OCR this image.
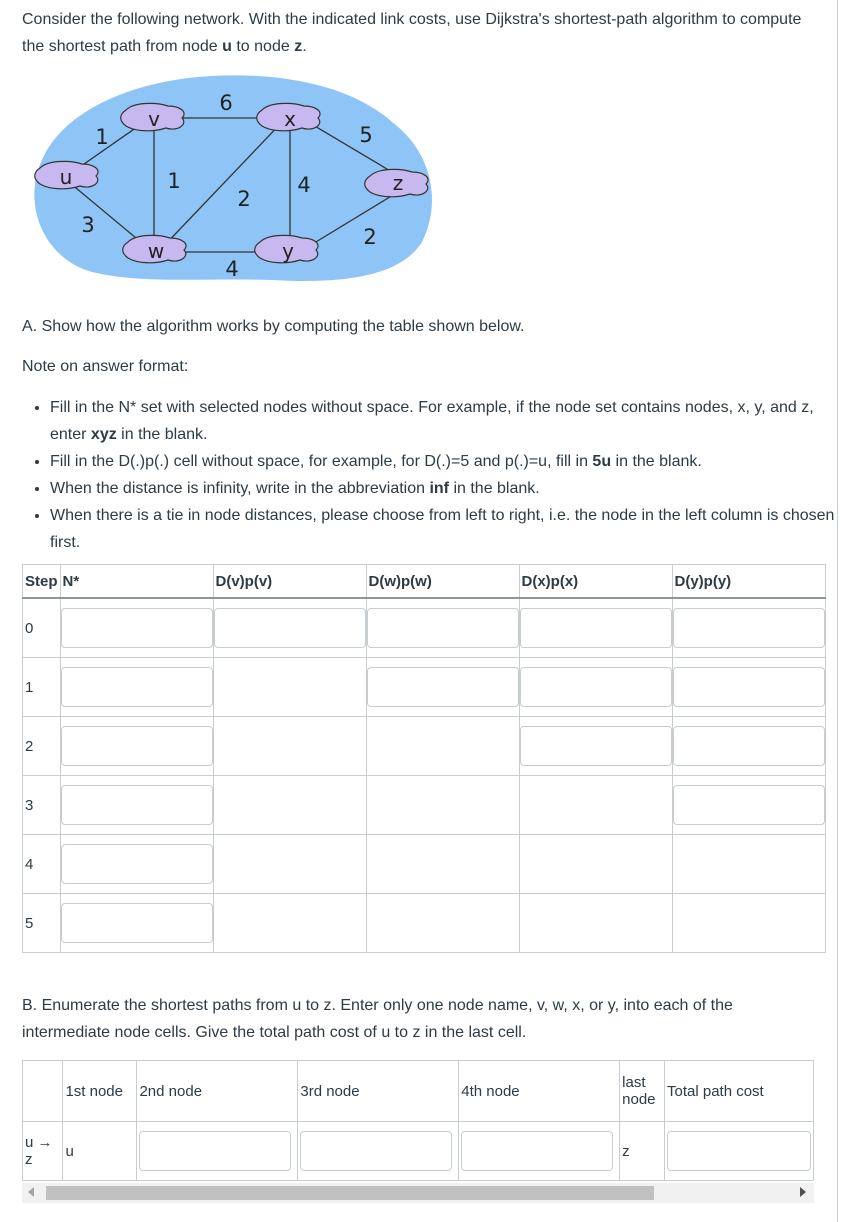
Consider the following network. With the indicated link costs, use Dijkstra's shortest-path algorithm to compute the shortest path from node u to node z.

u
v	x
z
w	y
1
3
6
1
2
4
4
5
2

A. Show how the algorithm works by computing the table shown below.

Note on answer format:

• Fill in the N* set with selected nodes without space. For example, if the node set contains nodes, x, y, and z, enter xyz in the blank.
• Fill in the D(.)p(.) cell without space, for example, for D(.)=5 and p(.)=u, fill in 5u in the blank.
• When the distance is infinity, write in the abbreviation inf in the blank.
• When there is a tie in node distances, please choose from left to right, i.e. the node in the left column is chosen first.
Step	N*	D(v)p(v)	D(w)p(w)	D(x)p(x)	D(y)p(y)
0	

1	

2	

3	

4	

5	

B. Enumerate the shortest paths from u to z. Enter only one node name, v, w, x, or y, into each of the intermediate node cells. Give the total path cost of u to z in the last cell.

	1st node	2nd node	3rd node	4th node	last node	Total path cost
u → z	u				z	
